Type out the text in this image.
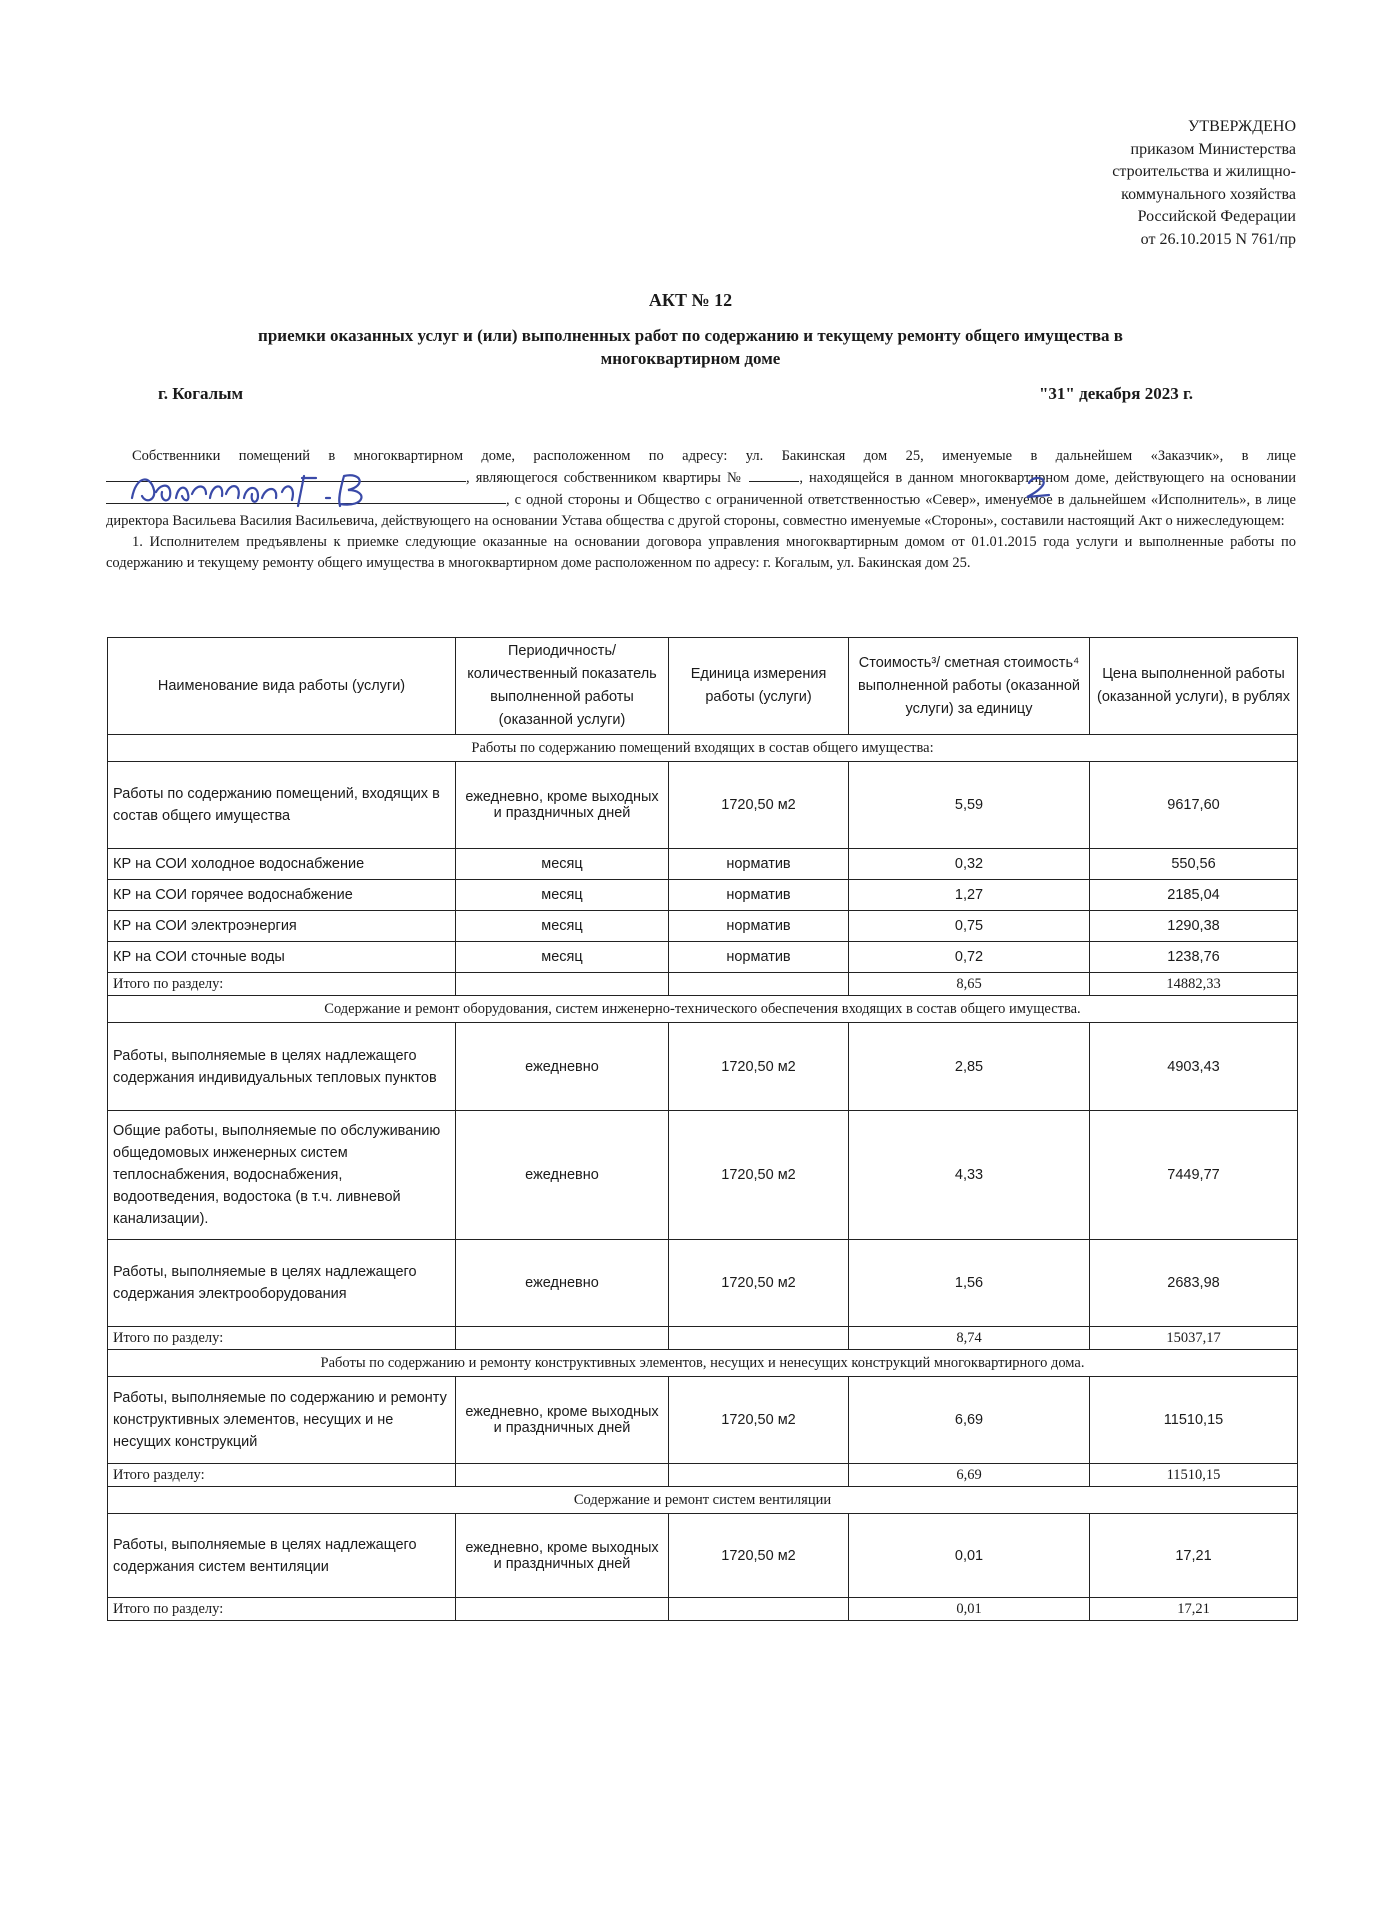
УТВЕРЖДЕНО
приказом Министерства
строительства и жилищно-
коммунального хозяйства
Российской Федерации
от 26.10.2015 N 761/пр
АКТ № 12
приемки оказанных услуг и (или) выполненных работ по содержанию и текущему ремонту общего имущества в
многоквартирном доме
г. Когалым	"31" декабря 2023 г.

Собственники помещений в многоквартирном доме, расположенном по адресу: ул. Бакинская дом 25, именуемые в дальнейшем «Заказчик», в лице , являющегося собственником квартиры №	, находящейся в данном многоквартирном доме, действующего на основании , с одной стороны и Общество с ограниченной ответственностью «Север», именуемое в дальнейшем «Исполнитель», в лице директора Васильева Василия Васильевича, действующего на основании Устава общества с другой стороны, совместно именуемые «Стороны», составили настоящий Акт о нижеследующем:

1. Исполнителем предъявлены к приемке следующие оказанные на основании договора управления многоквартирным домом от 01.01.2015 года услуги и выполненные работы по содержанию и текущему ремонту общего имущества в многоквартирном доме расположенном по адресу: г. Когалым, ул. Бакинская дом 25.

Наименование вида работы (услуги)	Периодичность/ количественный показатель выполненной работы (оказанной услуги)	Единица измерения работы (услуги)	Стоимость³/ сметная стоимость⁴ выполненной работы (оказанной услуги) за единицу	Цена выполненной работы (оказанной услуги), в рублях
Работы по содержанию помещений входящих в состав общего имущества:				
Работы по содержанию помещений, входящих в состав общего имущества	ежедневно, кроме выходных и праздничных дней	1720,50 м2	5,59	9617,60
КР на СОИ холодное водоснабжение	месяц	норматив	0,32	550,56
КР на СОИ горячее водоснабжение	месяц	норматив	1,27	2185,04
КР на СОИ электроэнергия	месяц	норматив	0,75	1290,38
КР на СОИ сточные воды	месяц	норматив	0,72	1238,76
Итого по разделу:			8,65	14882,33
Содержание и ремонт оборудования, систем инженерно-технического обеспечения входящих в состав общего имущества.				
Работы, выполняемые в целях надлежащего содержания индивидуальных тепловых пунктов	ежедневно	1720,50 м2	2,85	4903,43
Общие работы, выполняемые по обслуживанию общедомовых инженерных систем теплоснабжения, водоснабжения, водоотведения, водостока (в т.ч. ливневой канализации).	ежедневно	1720,50 м2	4,33	7449,77
Работы, выполняемые в целях надлежащего содержания электрооборудования	ежедневно	1720,50 м2	1,56	2683,98
Итого по разделу:			8,74	15037,17
Работы по содержанию и ремонту конструктивных элементов, несущих и ненесущих конструкций многоквартирного дома.				
Работы, выполняемые по содержанию и ремонту конструктивных элементов, несущих и не несущих конструкций	ежедневно, кроме выходных и праздничных дней	1720,50 м2	6,69	11510,15
Итого разделу:			6,69	11510,15
Содержание и ремонт систем вентиляции				
Работы, выполняемые в целях надлежащего содержания систем вентиляции	ежедневно, кроме выходных и праздничных дней	1720,50 м2	0,01	17,21
Итого по разделу:			0,01	17,21
